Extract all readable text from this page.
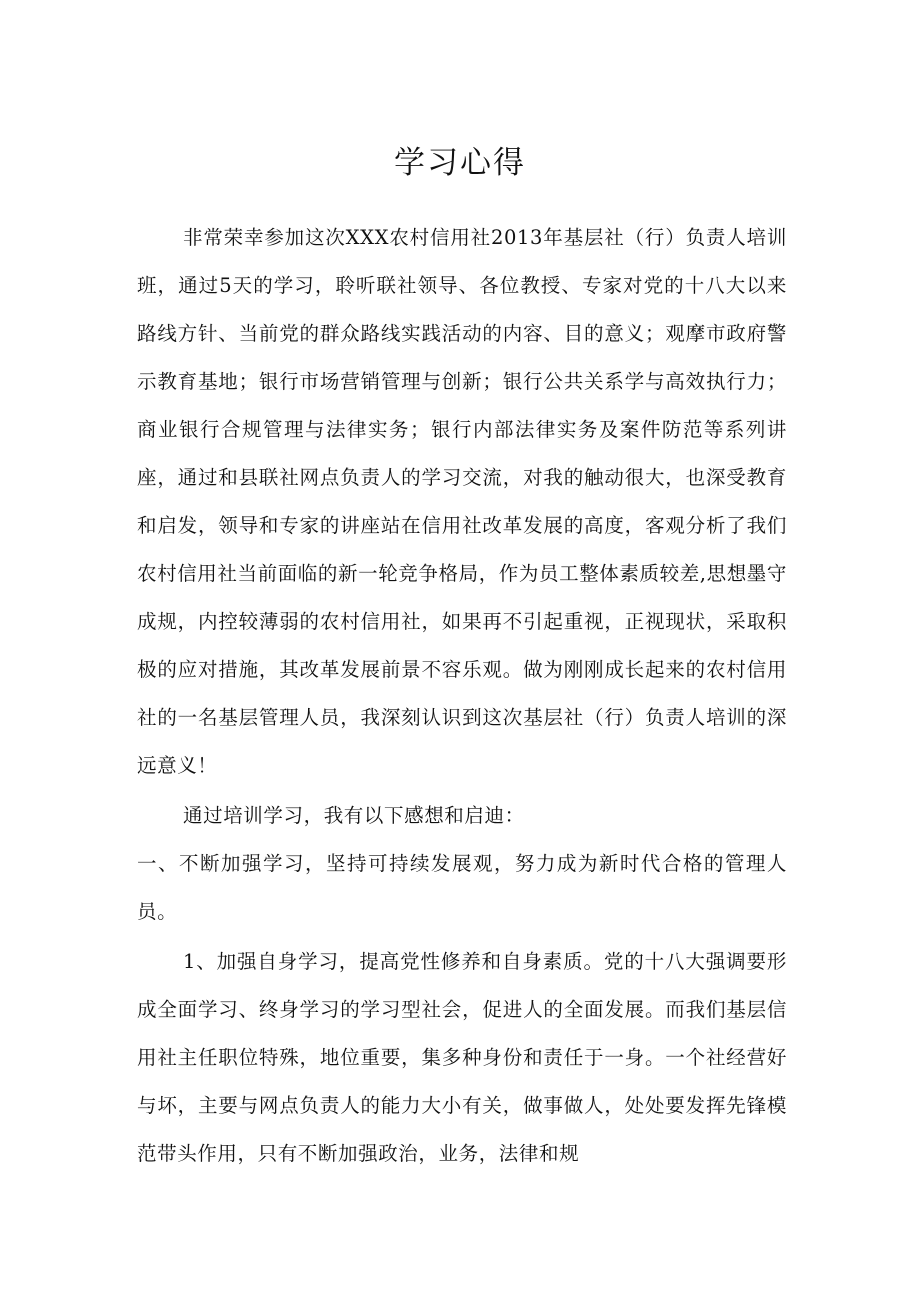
学习心得

非常荣幸参加这次XXX农村信用社2013年基层社（行）负责人培训班，通过5天的学习，聆听联社领导、各位教授、专家对党的十八大以来路线方针、当前党的群众路线实践活动的内容、目的意义；观摩市政府警示教育基地；银行市场营销管理与创新；银行公共关系学与高效执行力；商业银行合规管理与法律实务；银行内部法律实务及案件防范等系列讲座，通过和县联社网点负责人的学习交流，对我的触动很大，也深受教育和启发，领导和专家的讲座站在信用社改革发展的高度，客观分析了我们农村信用社当前面临的新一轮竞争格局，作为员工整体素质较差,思想墨守成规，内控较薄弱的农村信用社，如果再不引起重视，正视现状，采取积极的应对措施，其改革发展前景不容乐观。做为刚刚成长起来的农村信用社的一名基层管理人员，我深刻认识到这次基层社（行）负责人培训的深远意义！

通过培训学习，我有以下感想和启迪：

一、不断加强学习，坚持可持续发展观，努力成为新时代合格的管理人员。

1、加强自身学习，提高党性修养和自身素质。党的十八大强调要形成全面学习、终身学习的学习型社会，促进人的全面发展。而我们基层信用社主任职位特殊，地位重要，集多种身份和责任于一身。一个社经营好与坏，主要与网点负责人的能力大小有关，做事做人，处处要发挥先锋模范带头作用，只有不断加强政治，业务，法律和规
